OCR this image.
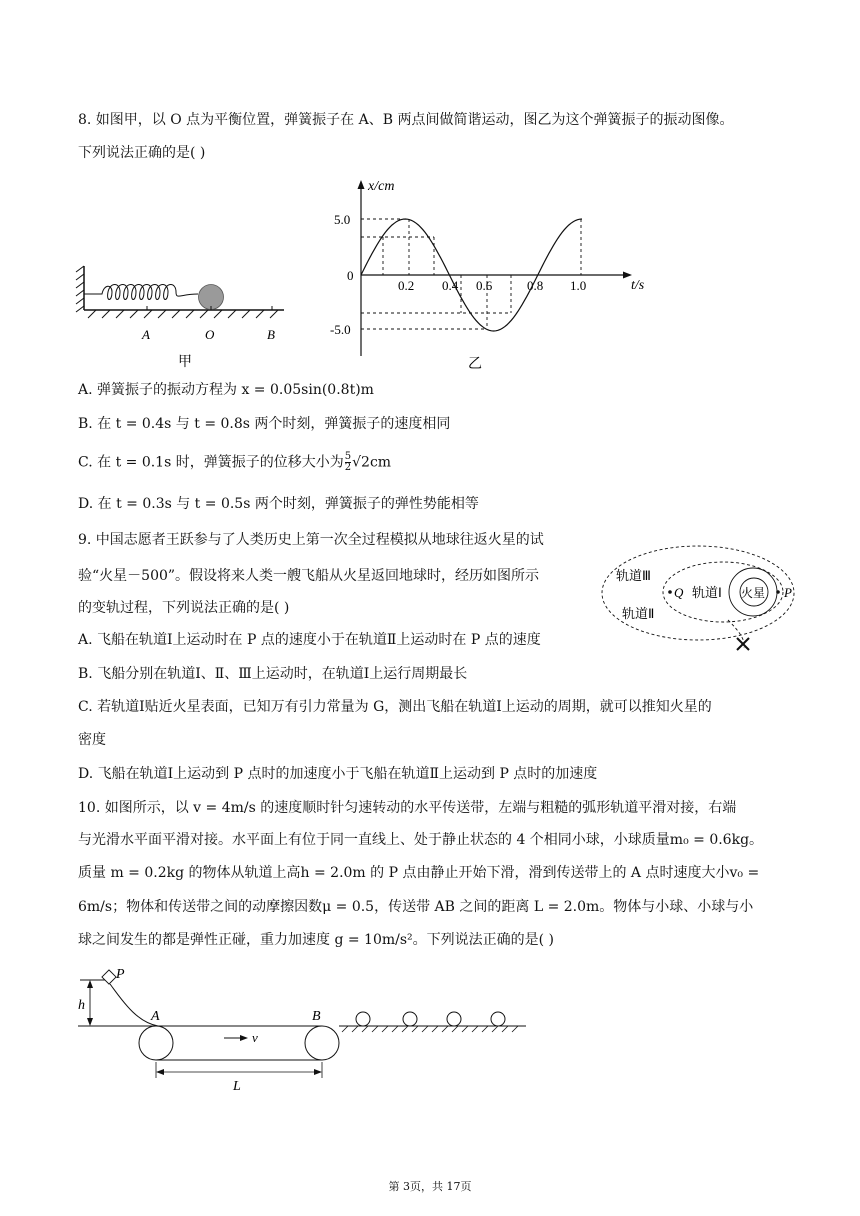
8. 如图甲，以 O 点为平衡位置，弹簧振子在 A、B 两点间做简谐运动，图乙为这个弹簧振子的振动图像。
下列说法正确的是( )
A	O	B
甲
x/cm
t/s
0
5.0
-5.0
0.2 0.4 0.6	0.8 1.0
乙
A. 弹簧振子的振动方程为 x = 0.05sin(0.8t)m
B. 在 t = 0.4s 与 t = 0.8s 两个时刻，弹簧振子的速度相同
C. 在 t = 0.1s 时，弹簧振子的位移大小为 $\frac{5}{2} √2cm$
D. 在 t = 0.3s 与 t = 0.5s 两个时刻，弹簧振子的弹性势能相等
9. 中国志愿者王跃参与了人类历史上第一次全过程模拟从地球往返火星的试
验“火星－500”。假设将来人类一艘飞船从火星返回地球时，经历如图所示
的变轨过程，下列说法正确的是( )
轨道Ⅲ
轨道Ⅱ
轨道Ⅰ 火星
Q	P
A. 飞船在轨道Ⅰ上运动时在 P 点的速度小于在轨道Ⅱ上运动时在 P 点的速度
B. 飞船分别在轨道Ⅰ、Ⅱ、Ⅲ上运动时，在轨道Ⅰ上运行周期最长
C. 若轨道Ⅰ贴近火星表面，已知万有引力常量为 G，测出飞船在轨道Ⅰ上运动的周期，就可以推知火星的
密度
D. 飞船在轨道Ⅰ上运动到 P 点时的加速度小于飞船在轨道Ⅱ上运动到 P 点时的加速度
10. 如图所示，以 v = 4m/s 的速度顺时针匀速转动的水平传送带，左端与粗糙的弧形轨道平滑对接，右端
与光滑水平面平滑对接。水平面上有位于同一直线上、处于静止状态的 4 个相同小球，小球质量m₀ = 0.6kg。
质量 m = 0.2kg 的物体从轨道上高h = 2.0m 的 P 点由静止开始下滑，滑到传送带上的 A 点时速度大小v₀ =
6m/s；物体和传送带之间的动摩擦因数μ = 0.5，传送带 AB 之间的距离 L = 2.0m。物体与小球、小球与小
球之间发生的都是弹性正碰，重力加速度 g = 10m/s²。下列说法正确的是( )
h
P
A	B
v
L
第 3页，共 17页
